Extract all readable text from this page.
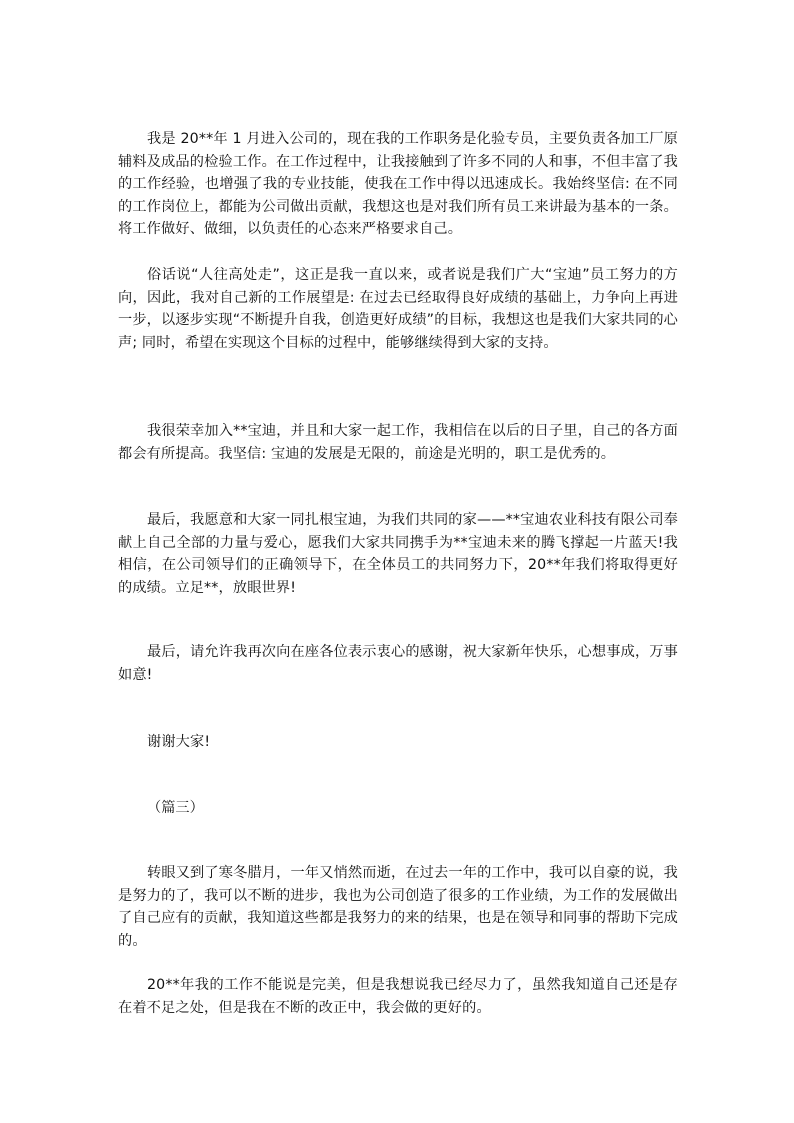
我是 20**年 1 月进入公司的，现在我的工作职务是化验专员，主要负责各加工厂原辅料及成品的检验工作。在工作过程中，让我接触到了许多不同的人和事，不但丰富了我的工作经验，也增强了我的专业技能，使我在工作中得以迅速成长。我始终坚信: 在不同的工作岗位上，都能为公司做出贡献，我想这也是对我们所有员工来讲最为基本的一条。将工作做好、做细，以负责任的心态来严格要求自己。

俗话说“人往高处走”，这正是我一直以来，或者说是我们广大“宝迪”员工努力的方向，因此，我对自己新的工作展望是: 在过去已经取得良好成绩的基础上，力争向上再进一步，以逐步实现“不断提升自我，创造更好成绩”的目标，我想这也是我们大家共同的心声; 同时，希望在实现这个目标的过程中，能够继续得到大家的支持。

我很荣幸加入**宝迪，并且和大家一起工作，我相信在以后的日子里，自己的各方面都会有所提高。我坚信: 宝迪的发展是无限的，前途是光明的，职工是优秀的。

最后，我愿意和大家一同扎根宝迪，为我们共同的家——**宝迪农业科技有限公司奉献上自己全部的力量与爱心，愿我们大家共同携手为**宝迪未来的腾飞撑起一片蓝天!我相信，在公司领导们的正确领导下，在全体员工的共同努力下，20**年我们将取得更好的成绩。立足**，放眼世界!

最后，请允许我再次向在座各位表示衷心的感谢，祝大家新年快乐，心想事成，万事如意!

谢谢大家!

（篇三）

转眼又到了寒冬腊月，一年又悄然而逝，在过去一年的工作中，我可以自豪的说，我是努力的了，我可以不断的进步，我也为公司创造了很多的工作业绩，为工作的发展做出了自己应有的贡献，我知道这些都是我努力的来的结果，也是在领导和同事的帮助下完成的。

20**年我的工作不能说是完美，但是我想说我已经尽力了，虽然我知道自己还是存在着不足之处，但是我在不断的改正中，我会做的更好的。
